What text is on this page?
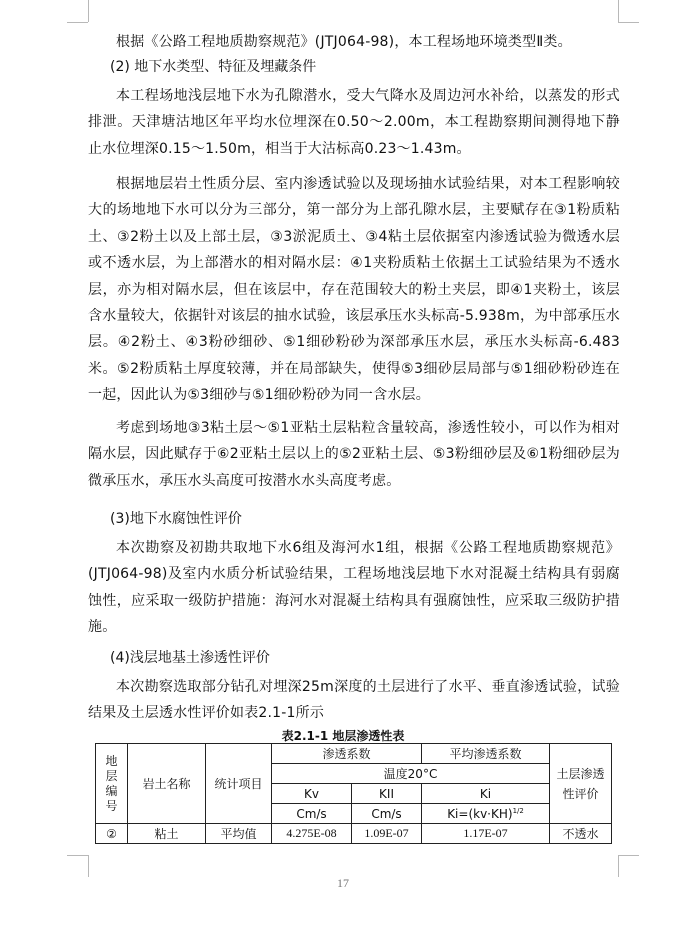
根据《公路工程地质勘察规范》(JTJ064-98)，本工程场地环境类型Ⅱ类。

(2) 地下水类型、特征及埋藏条件

本工程场地浅层地下水为孔隙潜水，受大气降水及周边河水补给，以蒸发的形式排泄。天津塘沽地区年平均水位埋深在0.50～2.00m，本工程勘察期间测得地下静止水位埋深0.15～1.50m，相当于大沽标高0.23～1.43m。

根据地层岩土性质分层、室内渗透试验以及现场抽水试验结果，对本工程影响较大的场地地下水可以分为三部分，第一部分为上部孔隙水层，主要赋存在③1粉质粘土、③2粉土以及上部土层，③3淤泥质土、③4粘土层依据室内渗透试验为微透水层或不透水层，为上部潜水的相对隔水层：④1夹粉质粘土依据土工试验结果为不透水层，亦为相对隔水层，但在该层中，存在范围较大的粉土夹层，即④1夹粉土，该层含水量较大，依据针对该层的抽水试验，该层承压水头标高-5.938m，为中部承压水层。④2粉土、④3粉砂细砂、⑤1细砂粉砂为深部承压水层，承压水头标高-6.483米。⑤2粉质粘土厚度较薄，并在局部缺失，使得⑤3细砂层局部与⑤1细砂粉砂连在一起，因此认为⑤3细砂与⑤1细砂粉砂为同一含水层。

考虑到场地③3粘土层～⑤1亚粘土层粘粒含量较高，渗透性较小，可以作为相对隔水层，因此赋存于⑥2亚粘土层以上的⑤2亚粘土层、⑤3粉细砂层及⑥1粉细砂层为微承压水，承压水头高度可按潜水水头高度考虑。

(3)地下水腐蚀性评价

本次勘察及初勘共取地下水6组及海河水1组，根据《公路工程地质勘察规范》(JTJ064-98)及室内水质分析试验结果，工程场地浅层地下水对混凝土结构具有弱腐蚀性，应采取一级防护措施：海河水对混凝土结构具有强腐蚀性，应采取三级防护措施。

(4)浅层地基土渗透性评价

本次勘察选取部分钻孔对埋深25m深度的土层进行了水平、垂直渗透试验，试验结果及土层透水性评价如表2.1-1所示

表2.1-1 地层渗透性表
地层编号	岩土名称	统计项目	渗透系数		平均渗透系数	土层渗透性评价

			温度20°C			
			Kv	KII	Ki	
			Cm/s	Cm/s	$Ki=(kv\cdot KH)^{1/2}$
②	粘土	平均值	4.275E-08	1.09E-07	1.17E-07	不透水
17
